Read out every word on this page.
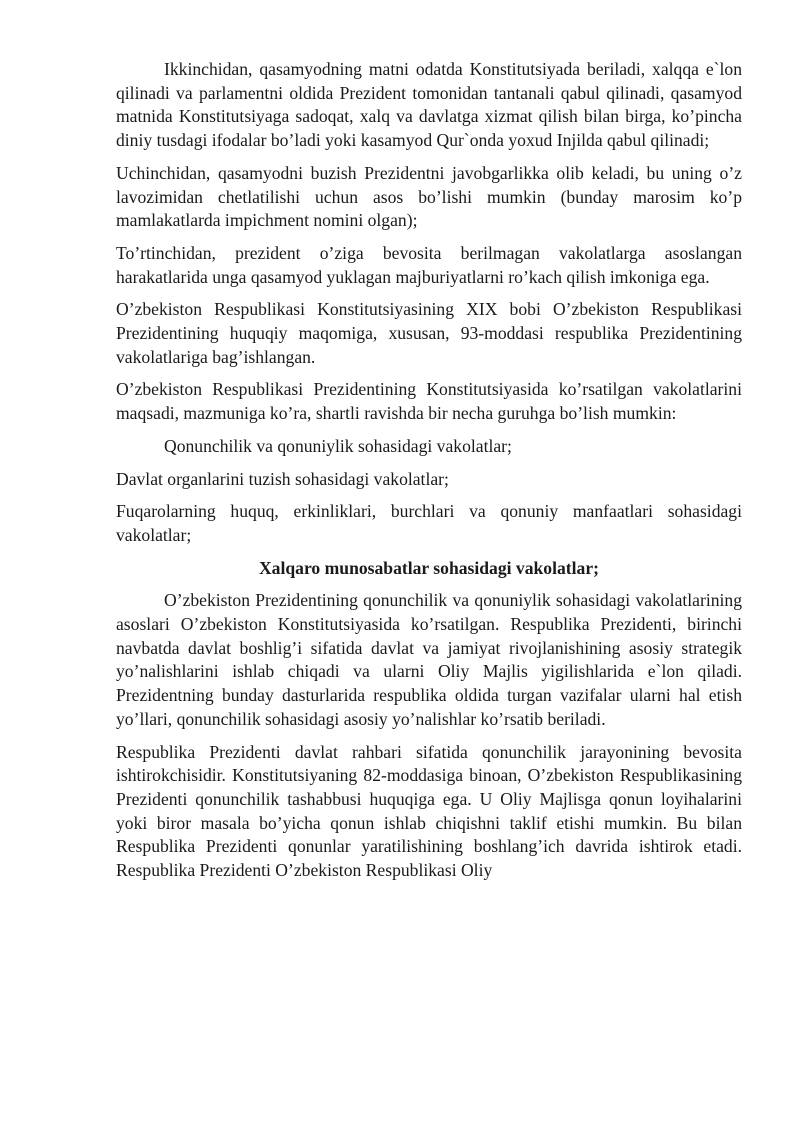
Ikkinchidan, qasamyodning matni odatda Konstitutsiyada beriladi, xalqqa e`lon qilinadi va parlamentni oldida Prezident tomonidan tantanali qabul qilinadi, qasamyod matnida Konstitutsiyaga sadoqat, xalq va davlatga xizmat qilish bilan birga, ko’pincha diniy tusdagi ifodalar bo’ladi yoki kasamyod Qur`onda yoxud Injilda qabul qilinadi;

Uchinchidan, qasamyodni buzish Prezidentni javobgarlikka olib keladi, bu uning o’z lavozimidan chetlatilishi uchun asos bo’lishi mumkin (bunday marosim ko’p mamlakatlarda impichment nomini olgan);

To’rtinchidan, prezident o’ziga bevosita berilmagan vakolatlarga asoslangan harakatlarida unga qasamyod yuklagan majburiyatlarni ro’kach qilish imkoniga ega.

O’zbekiston Respublikasi Konstitutsiyasining XIX bobi O’zbekiston Respublikasi Prezidentining huquqiy maqomiga, xususan, 93-moddasi respublika Prezidentining vakolatlariga bag’ishlangan.

O’zbekiston Respublikasi Prezidentining Konstitutsiyasida ko’rsatilgan vakolatlarini maqsadi, mazmuniga ko’ra, shartli ravishda bir necha guruhga bo’lish mumkin:

Qonunchilik va qonuniylik sohasidagi vakolatlar;

Davlat organlarini tuzish sohasidagi vakolatlar;

Fuqarolarning huquq, erkinliklari, burchlari va qonuniy manfaatlari sohasidagi vakolatlar;

Xalqaro munosabatlar sohasidagi vakolatlar;

O’zbekiston Prezidentining qonunchilik va qonuniylik sohasidagi vakolatlarining asoslari O’zbekiston Konstitutsiyasida ko’rsatilgan. Respublika Prezidenti, birinchi navbatda davlat boshlig’i sifatida davlat va jamiyat rivojlanishining asosiy strategik yo’nalishlarini ishlab chiqadi va ularni Oliy Majlis yigilishlarida e`lon qiladi. Prezidentning bunday dasturlarida respublika oldida turgan vazifalar ularni hal etish yo’llari, qonunchilik sohasidagi asosiy yo’nalishlar ko’rsatib beriladi.

Respublika Prezidenti davlat rahbari sifatida qonunchilik jarayonining bevosita ishtirokchisidir. Konstitutsiyaning 82-moddasiga binoan, O’zbekiston Respublikasining Prezidenti qonunchilik tashabbusi huquqiga ega. U Oliy Majlisga qonun loyihalarini yoki biror masala bo’yicha qonun ishlab chiqishni taklif etishi mumkin. Bu bilan Respublika Prezidenti qonunlar yaratilishining boshlang’ich davrida ishtirok etadi. Respublika Prezidenti O’zbekiston Respublikasi Oliy
